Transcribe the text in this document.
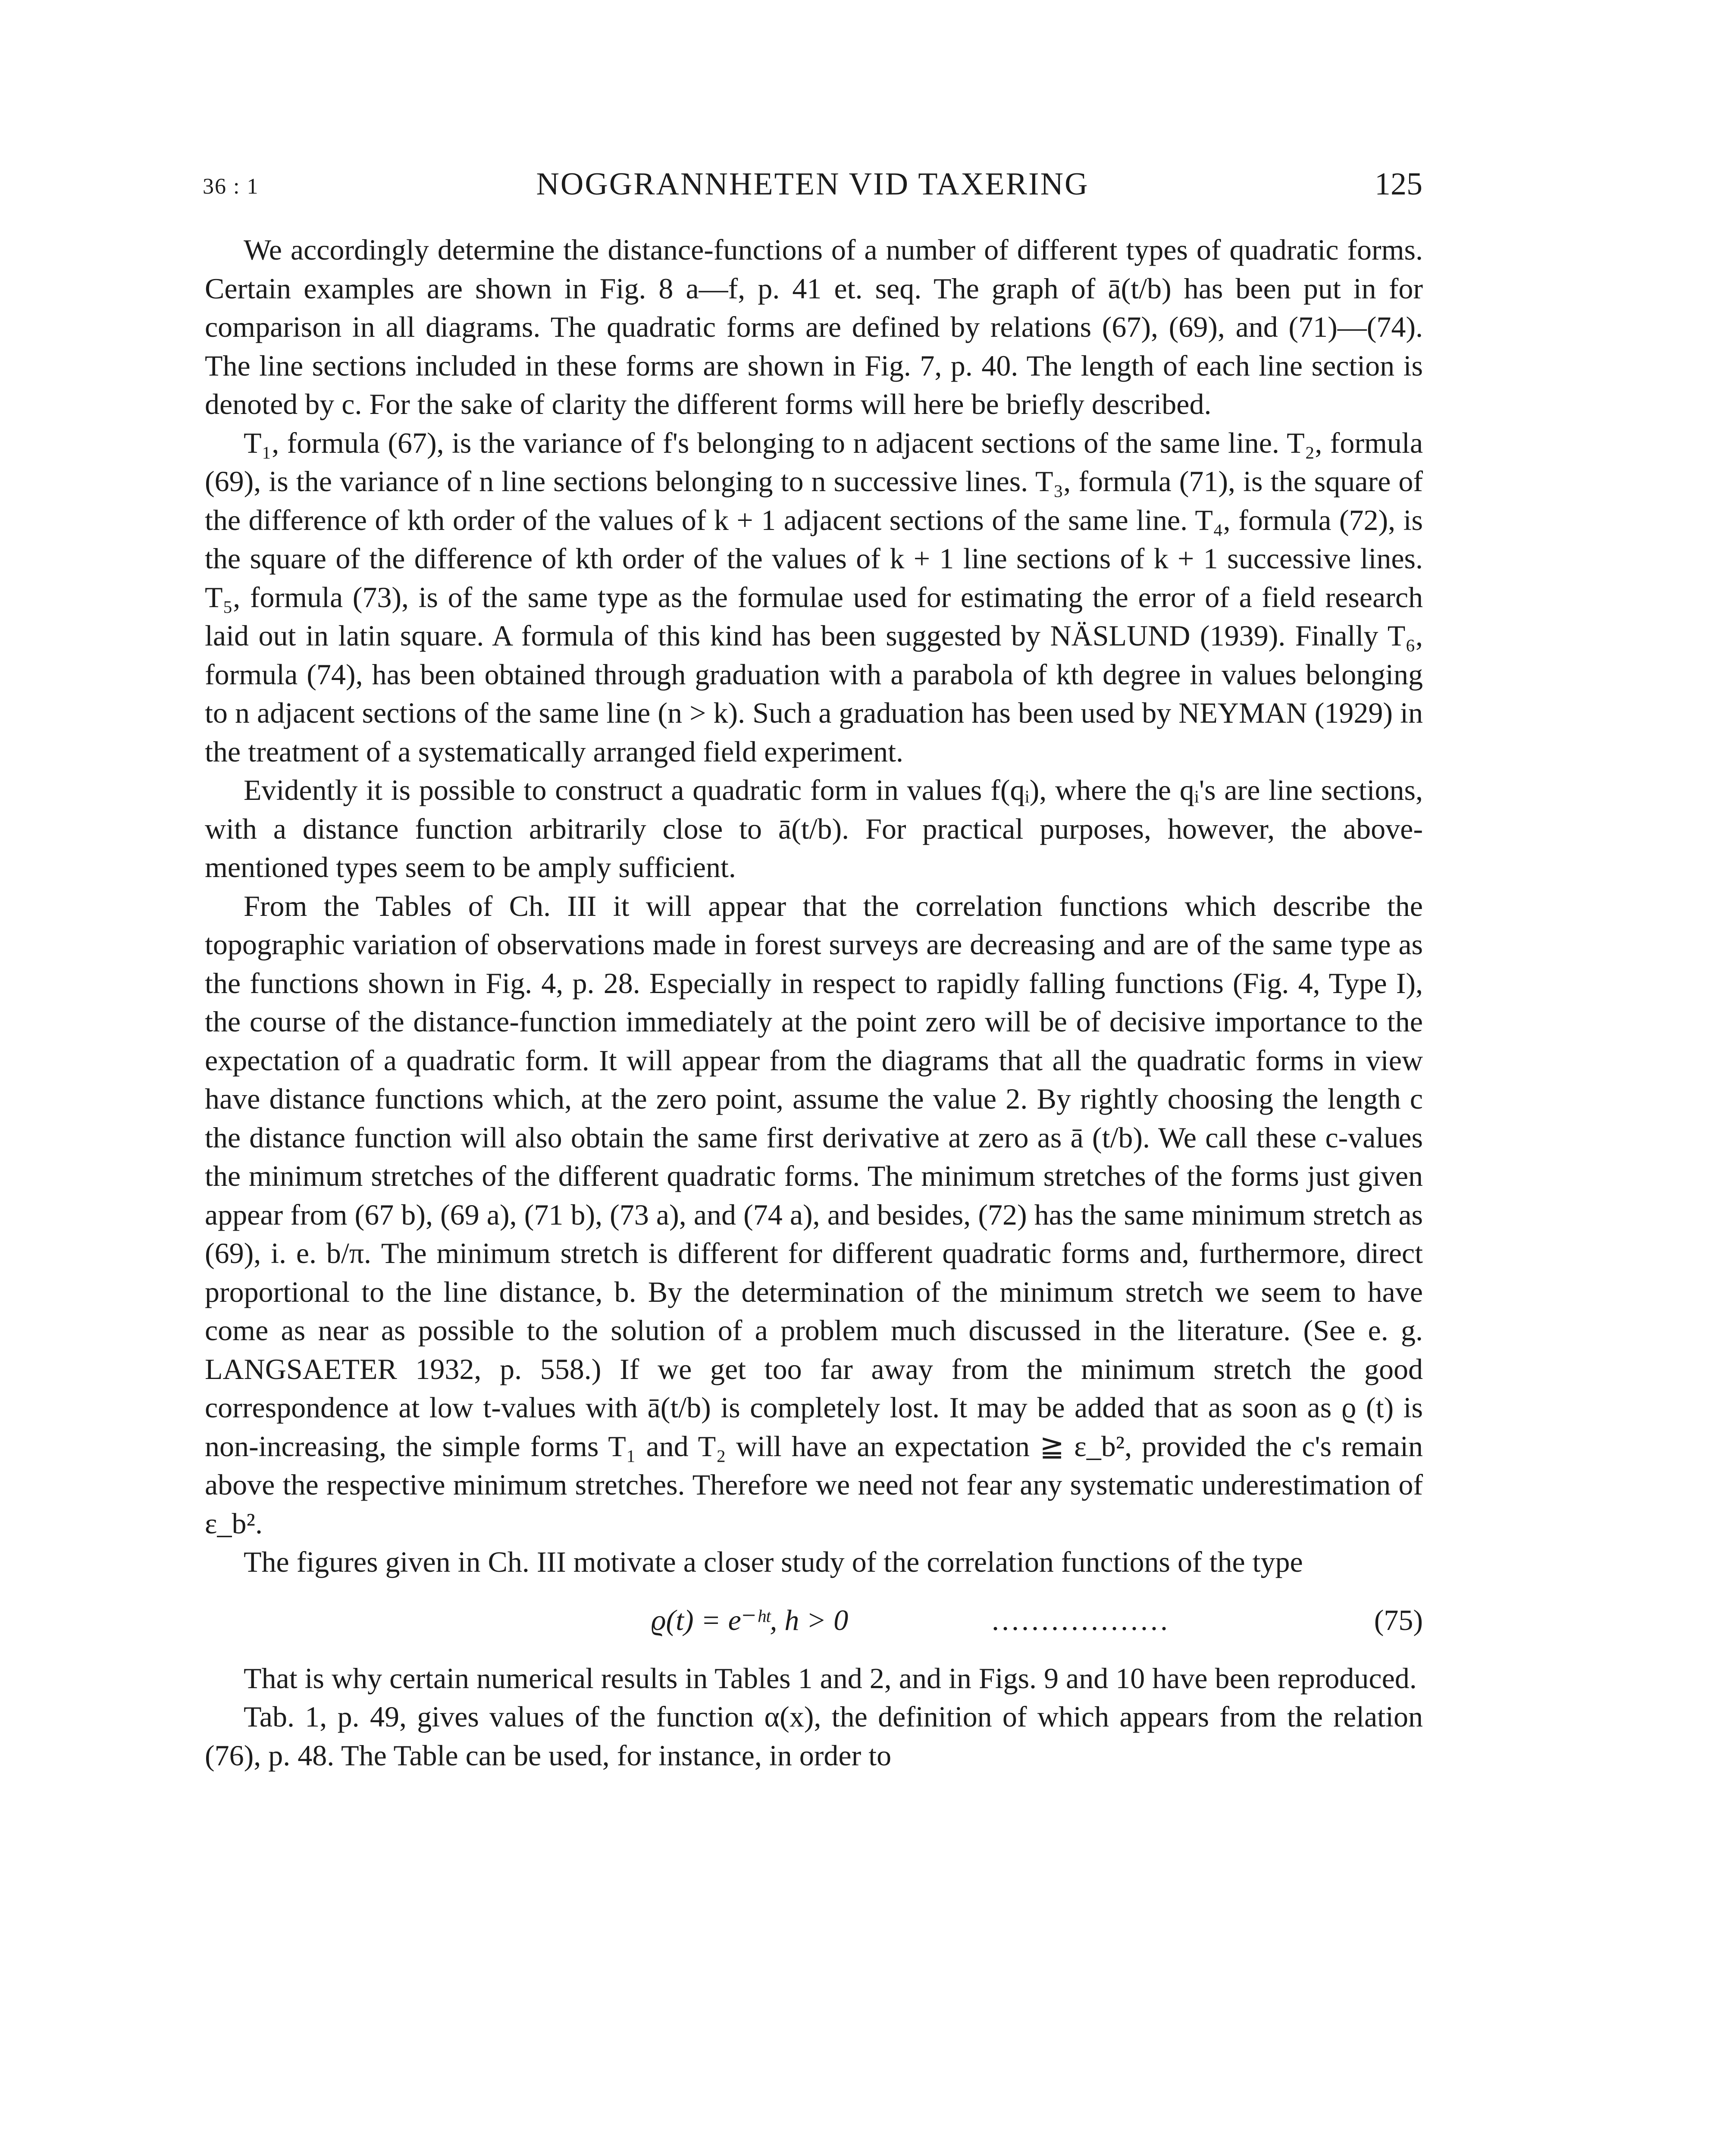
36 : 1	NOGGRANNHETEN VID TAXERING	125

We accordingly determine the distance-functions of a number of different types of quadratic forms. Certain examples are shown in Fig. 8 a—f, p. 41 et. seq. The graph of ā(t/b) has been put in for comparison in all diagrams. The quadratic forms are defined by relations (67), (69), and (71)—(74). The line sections included in these forms are shown in Fig. 7, p. 40. The length of each line section is denoted by c. For the sake of clarity the different forms will here be briefly described.

T₁, formula (67), is the variance of f's belonging to n adjacent sections of the same line. T₂, formula (69), is the variance of n line sections belonging to n successive lines. T₃, formula (71), is the square of the difference of kth order of the values of k + 1 adjacent sections of the same line. T₄, formula (72), is the square of the difference of kth order of the values of k + 1 line sections of k + 1 successive lines. T₅, formula (73), is of the same type as the formulae used for estimating the error of a field research laid out in latin square. A formula of this kind has been suggested by NÄSLUND (1939). Finally T₆, formula (74), has been obtained through graduation with a parabola of kth degree in values belonging to n adjacent sections of the same line (n > k). Such a graduation has been used by NEYMAN (1929) in the treatment of a systematically arranged field experiment.

Evidently it is possible to construct a quadratic form in values f(qᵢ), where the qᵢ's are line sections, with a distance function arbitrarily close to ā(t/b). For practical purposes, however, the above-mentioned types seem to be amply sufficient.

From the Tables of Ch. III it will appear that the correlation functions which describe the topographic variation of observations made in forest surveys are decreasing and are of the same type as the functions shown in Fig. 4, p. 28. Especially in respect to rapidly falling functions (Fig. 4, Type I), the course of the distance-function immediately at the point zero will be of decisive importance to the expectation of a quadratic form. It will appear from the diagrams that all the quadratic forms in view have distance functions which, at the zero point, assume the value 2. By rightly choosing the length c the distance function will also obtain the same first derivative at zero as ā (t/b). We call these c-values the minimum stretches of the different quadratic forms. The minimum stretches of the forms just given appear from (67 b), (69 a), (71 b), (73 a), and (74 a), and besides, (72) has the same minimum stretch as (69), i. e. b/π. The minimum stretch is different for different quadratic forms and, furthermore, direct proportional to the line distance, b. By the determination of the minimum stretch we seem to have come as near as possible to the solution of a problem much discussed in the literature. (See e. g. LANGSAETER 1932, p. 558.) If we get too far away from the minimum stretch the good correspondence at low t-values with ā(t/b) is completely lost. It may be added that as soon as ϱ (t) is non-increasing, the simple forms T₁ and T₂ will have an expectation ≧ ε_b², provided the c's remain above the respective minimum stretches. Therefore we need not fear any systematic underestimation of ε_b².

The figures given in Ch. III motivate a closer study of the correlation functions of the type

ϱ(t) = e⁻ʰᵗ, h > 0	..................	(75)

That is why certain numerical results in Tables 1 and 2, and in Figs. 9 and 10 have been reproduced.

Tab. 1, p. 49, gives values of the function α(x), the definition of which appears from the relation (76), p. 48. The Table can be used, for instance, in order to
